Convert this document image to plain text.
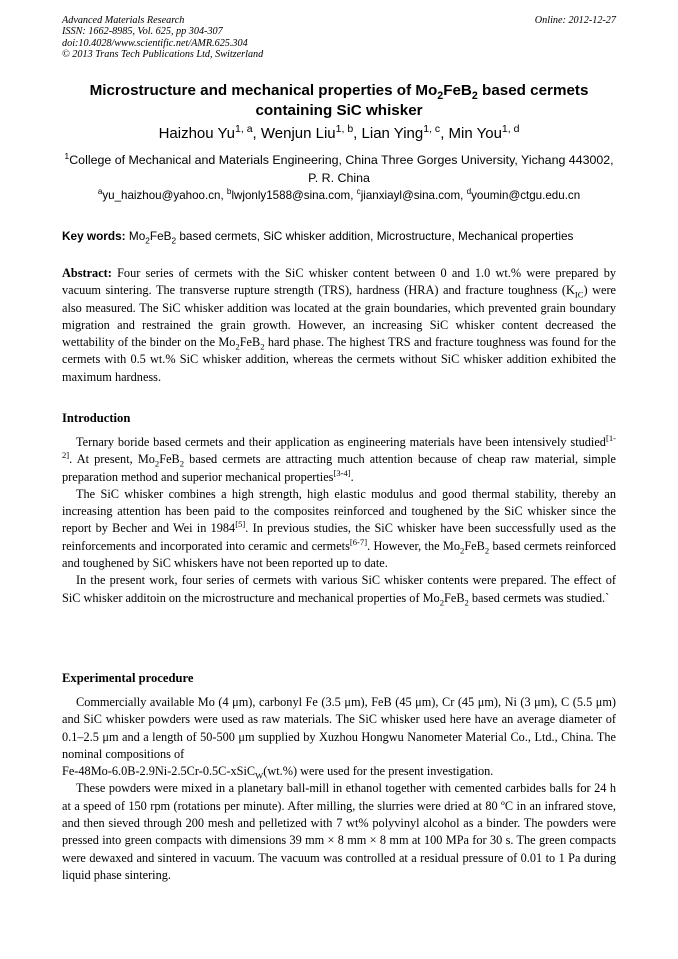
Advanced Materials Research
ISSN: 1662-8985, Vol. 625, pp 304-307
doi:10.4028/www.scientific.net/AMR.625.304
© 2013 Trans Tech Publications Ltd, Switzerland
Online: 2012-12-27
Microstructure and mechanical properties of $Mo_2FeB_2$ based cermets
containing SiC whisker
Haizhou Yu$^{1, a}$, Wenjun Liu$^{1, b}$, Lian Ying$^{1, c}$, Min You$^{1, d}$
$^1$College of Mechanical and Materials Engineering, China Three Gorges University, Yichang 443002, P. R. China
$^a$yu_haizhou@yahoo.cn, $^b$lwjonly1588@sina.com, $^c$jianxiayl@sina.com, $^d$youmin@ctgu.edu.cn
Key words: $Mo_2FeB_2$ based cermets, SiC whisker addition, Microstructure, Mechanical properties
Abstract: Four series of cermets with the SiC whisker content between 0 and 1.0 wt.% were prepared by vacuum sintering. The transverse rupture strength (TRS), hardness (HRA) and fracture toughness $(K_{IC})$ were also measured. The SiC whisker addition was located at the grain boundaries, which prevented grain boundary migration and restrained the grain growth. However, an increasing SiC whisker content decreased the wettability of the binder on the $Mo_2FeB_2$ hard phase. The highest TRS and fracture toughness was found for the cermets with 0.5 wt.% SiC whisker addition, whereas the cermets without SiC whisker addition exhibited the maximum hardness.
Introduction

Ternary boride based cermets and their application as engineering materials have been intensively studied[1-2]. At present, $Mo_2FeB_2$ based cermets are attracting much attention because of cheap raw material, simple preparation method and superior mechanical properties[3-4].

The SiC whisker combines a high strength, high elastic modulus and good thermal stability, thereby an increasing attention has been paid to the composites reinforced and toughened by the SiC whisker since the report by Becher and Wei in 1984[5]. In previous studies, the SiC whisker have been successfully used as the reinforcements and incorporated into ceramic and cermets[6-7]. However, the $Mo_2FeB_2$ based cermets reinforced and toughened by SiC whiskers have not been reported up to date.

In the present work, four series of cermets with various SiC whisker contents were prepared. The effect of SiC whisker additoin on the microstructure and mechanical properties of $Mo_2FeB_2$ based cermets was studied.`

Experimental procedure

Commercially available Mo (4 μm), carbonyl Fe (3.5 μm), FeB (45 μm), Cr (45 μm), Ni (3 μm), C (5.5 μm) and SiC whisker powders were used as raw materials. The SiC whisker used here have an average diameter of 0.1–2.5 μm and a length of 50-500 μm supplied by Xuzhou Hongwu Nanometer Material Co., Ltd., China. The nominal compositions of

Fe-48Mo-6.0B-2.9Ni-2.5Cr-0.5C-xSiC$_W$(wt.%) were used for the present investigation.

These powders were mixed in a planetary ball-mill in ethanol together with cemented carbides balls for 24 h at a speed of 150 rpm (rotations per minute). After milling, the slurries were dried at 80 ºC in an infrared stove, and then sieved through 200 mesh and pelletized with 7 wt% polyvinyl alcohol as a binder. The powders were pressed into green compacts with dimensions 39 mm × 8 mm × 8 mm at 100 MPa for 30 s. The green compacts were dewaxed and sintered in vacuum. The vacuum was controlled at a residual pressure of 0.01 to 1 Pa during liquid phase sintering.
